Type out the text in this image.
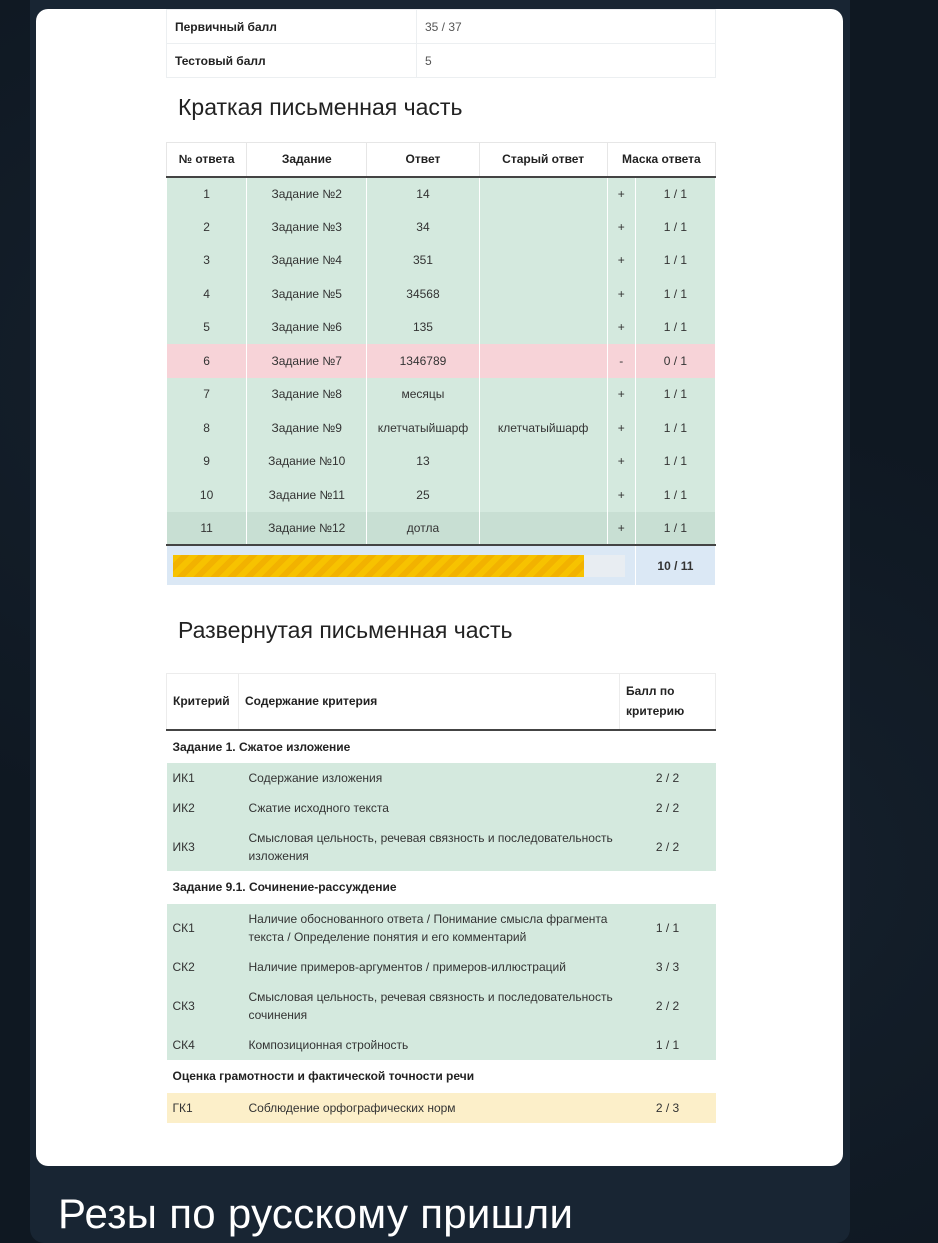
Первичный балл	35 / 37
Тестовый балл	5
Краткая письменная часть
№ ответа	Задание	Ответ	Старый ответ	Маска ответа	
1	Задание №2	14		+	1 / 1
2	Задание №3	34		+	1 / 1
3	Задание №4	351		+	1 / 1
4	Задание №5	34568		+	1 / 1
5	Задание №6	135		+	1 / 1
6	Задание №7	1346789		-	0 / 1
7	Задание №8	месяцы		+	1 / 1
8	Задание №9	клетчатыйшарф	клетчатыйшарф	+	1 / 1
9	Задание №10	13		+	1 / 1
10	Задание №11	25		+	1 / 1
11	Задание №12	дотла		+	1 / 1

					10 / 11
Развернутая письменная часть
Критерий	Содержание критерия	Балл по критерию
Задание 1. Сжатое изложение		
ИК1	Содержание изложения	2 / 2
ИК2	Сжатие исходного текста	2 / 2
ИК3	Смысловая цельность, речевая связность и последовательность изложения	2 / 2
Задание 9.1. Сочинение-рассуждение		
СК1	Наличие обоснованного ответа / Понимание смысла фрагмента текста / Определение понятия и его комментарий	1 / 1
СК2	Наличие примеров-аргументов / примеров-иллюстраций	3 / 3
СК3	Смысловая цельность, речевая связность и последовательность сочинения	2 / 2
СК4	Композиционная стройность	1 / 1
Оценка грамотности и фактической точности речи		
ГК1	Соблюдение орфографических норм	2 / 3
Резы по русскому пришли
